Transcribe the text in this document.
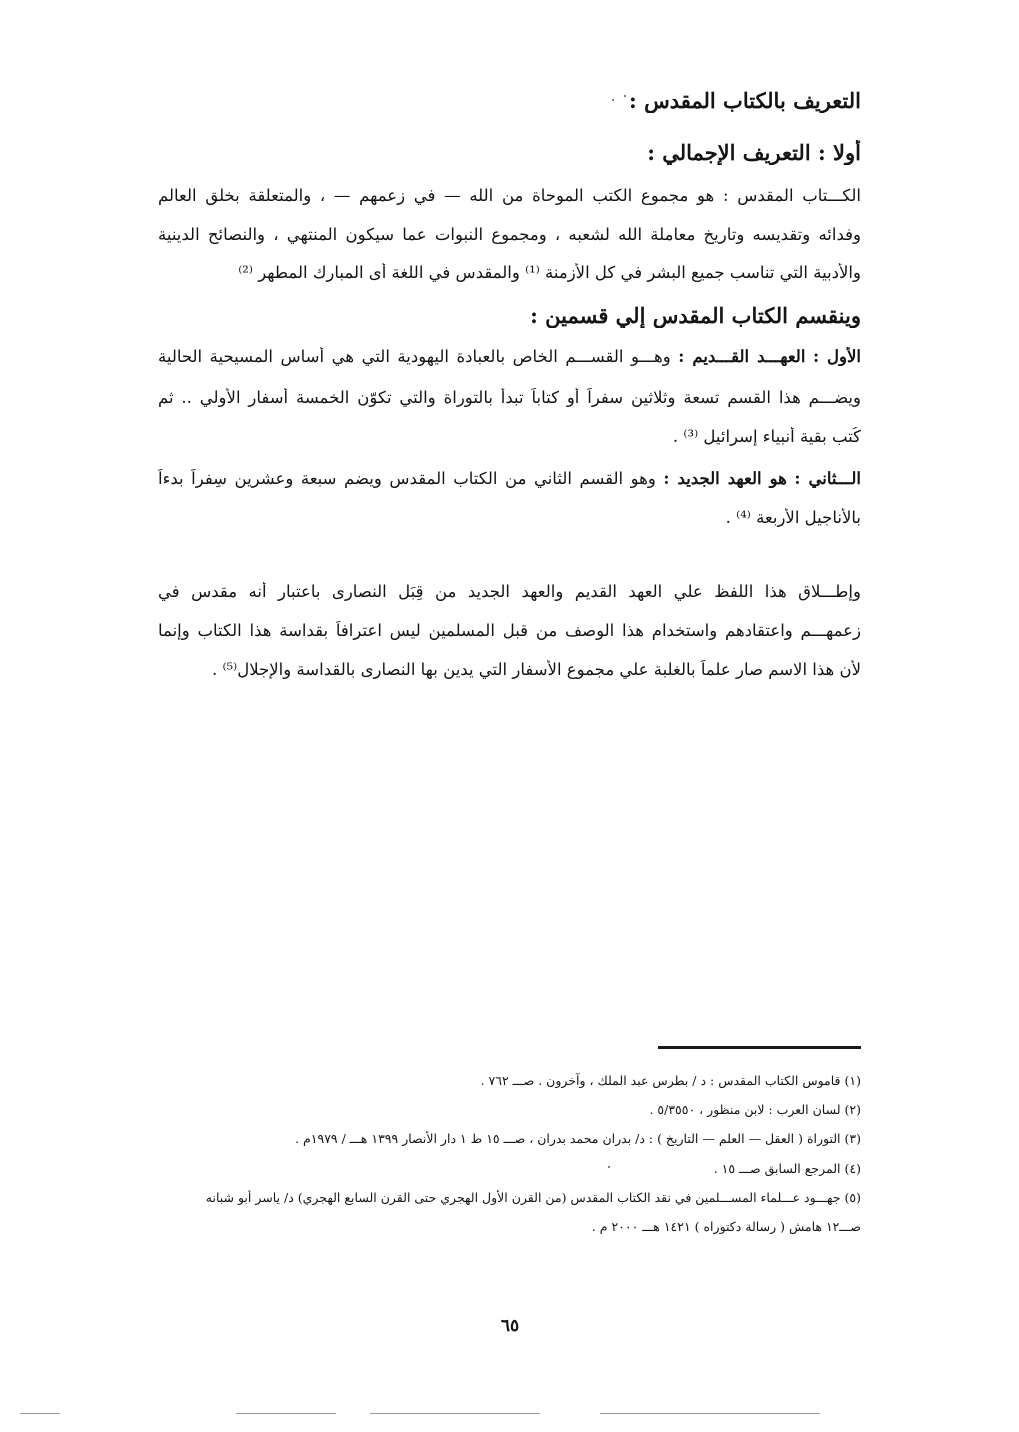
التعريف بالكتاب المقدس :
أولا : التعريف الإجمالي :
الكـــتاب المقدس : هو مجموع الكتب الموحاة من الله — في زعمهم — ، والمتعلقة بخلق العالم
وفدائه وتقديسه وتاريخ معاملة الله لشعبه ، ومجموع النبوات عما سيكون المنتهي ، والنصائح الدينية
والأدبية التي تناسب جميع البشر في كل الأزمنة ⁽¹⁾ والمقدس في اللغة أى المبارك المطهر ⁽²⁾
وينقسم الكتاب المقدس إلي قسمين :
الأول : العهـــد القـــديم : وهـــو القســـم الخاص بالعبادة اليهودية التي هي أساس المسيحية الحالية
ويضـــم هذا القسم تسعة وثلاثين سفراً أو كتاباً تبدأ بالتوراة والتي تكوّن الخمسة أسفار الأولي .. ثم
كُتب بقية أنبياء إسرائيل ⁽³⁾ .
الـــثاني : هو العهد الجديد : وهو القسم الثاني من الكتاب المقدس ويضم سبعة وعشرين سِفراً بدءاً
بالأناجيل الأربعة ⁽⁴⁾ .
وإطـــلاق هذا اللفظ علي العهد القديم والعهد الجديد من قِبَل النصارى باعتبار أنه مقدس في
زعمهـــم واعتقادهم واستخدام هذا الوصف من قبل المسلمين ليس اعترافاً بقداسة هذا الكتاب وإنما
لأن هذا الاسم صار علماً بالغلبة علي مجموع الأسفار التي يدين بها النصارى بالقداسة والإجلال⁽⁵⁾ .
(١) قاموس الكتاب المقدس : د / بطرس عبد الملك ، وآخرون . صـــ ٧٦٢ .
(٢) لسان العرب : لابن منظور ، ٥/٣٥٥٠ .
(٣) التوراة ( العقل — العلم — التاريخ ) : د/ بدران محمد بدران ، صـــ ١٥ ط ١ دار الأنصار ١٣٩٩ هـــ / ١٩٧٩م .
(٤) المرجع السابق صـــ ١٥ .
(٥) جهـــود عـــلماء المســـلمين في نقد الكتاب المقدس (من القرن الأول الهجري حتى القرن السابع الهجري) د/ ياسر أبو شبانه
صـــ١٢ هامش ( رسالة دكتوراه ) ١٤٢١ هـــ ٢٠٠٠ م .
٦٥
